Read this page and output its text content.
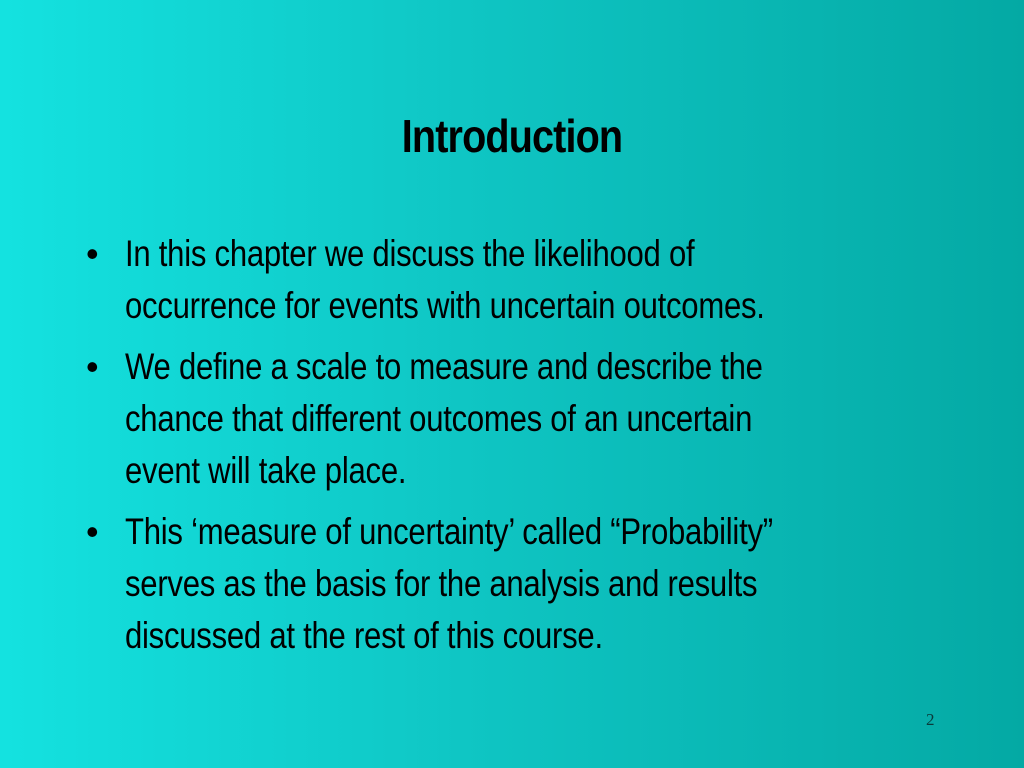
Introduction
• In this chapter we discuss the likelihood of
occurrence for events with uncertain outcomes.
• We define a scale to measure and describe the
chance that different outcomes of an uncertain
event will take place.
• This ‘measure of uncertainty’ called “Probability”
serves as the basis for the analysis and results
discussed at the rest of this course.
2
